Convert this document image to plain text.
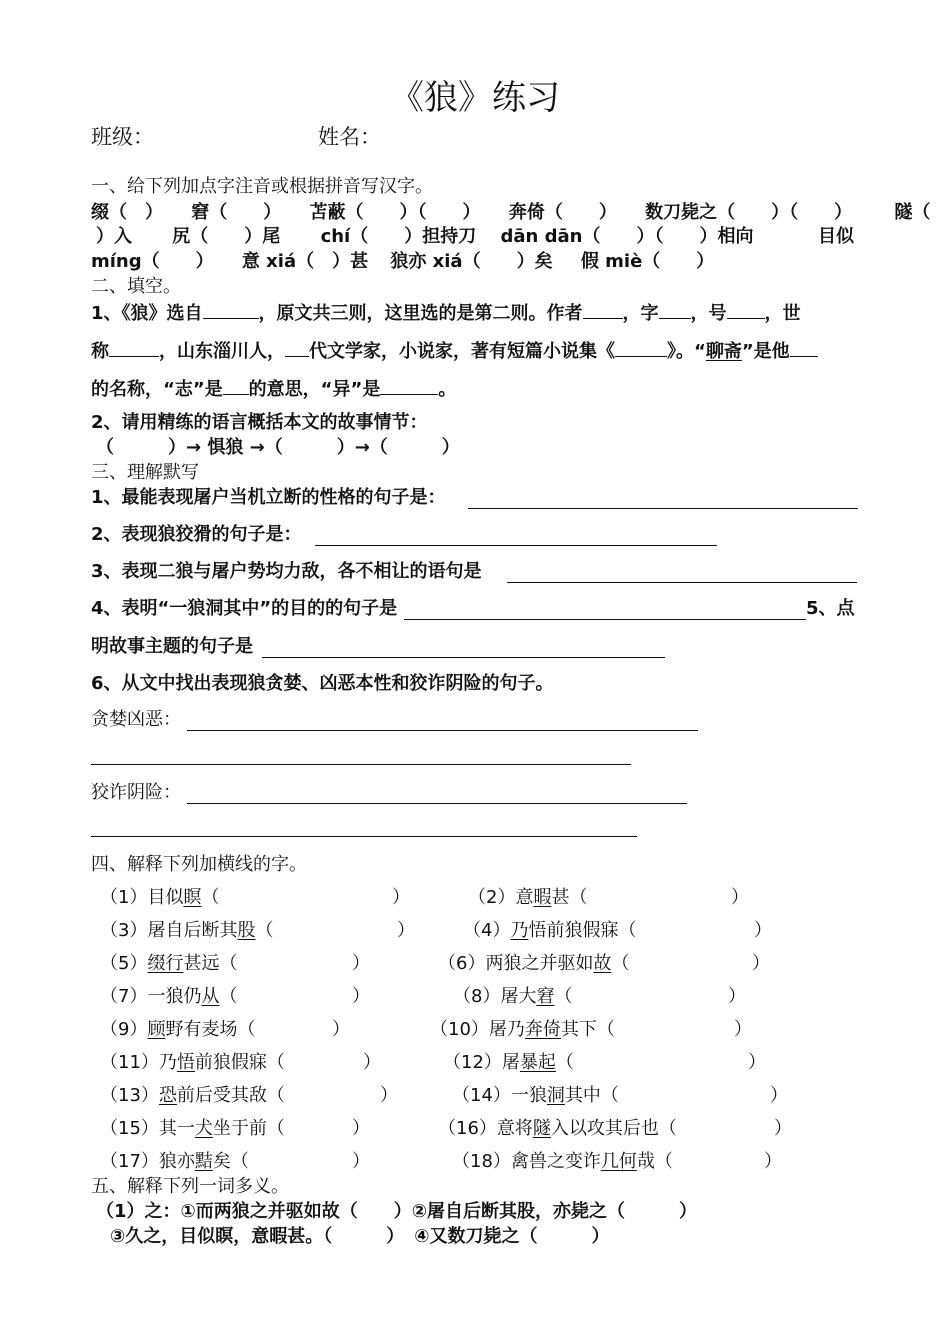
《狼》练习
班级：	姓名：
一、给下列加点字注音或根据拼音写汉字。
缀（　） 窘（　　） 苫蔽（　　）（　　） 奔倚（　　） 数刀毙之（　　）（　　） 隧（
）入 尻（　　）尾 chí（　　）担持刀 dān dān（　　）（　　）相向	目似
míng（　　） 意 xiá（　）甚 狼亦 xiá（　　）矣 假 miè（　　）
二、填空。
1、《狼》选自	，原文共三则，这里选的是第二则。作者 ，字 ，号 ，世
称	，山东淄川人， 代文学家，小说家，著有短篇小说集《	》。“聊斋”是他
的名称，“志”是 的意思，“异”是	。
2、请用精练的语言概括本文的故事情节：
（　　　）→ 惧狼 →（　　　）→（　　　）
三、理解默写
1、最能表现屠户当机立断的性格的句子是：
2、表现狼狡猾的句子是：
3、表现二狼与屠户势均力敌，各不相让的语句是
4、表明“一狼洞其中”的目的的句子是	5、点
明故事主题的句子是
6、从文中找出表现狼贪婪、凶恶本性和狡诈阴险的句子。
贪婪凶恶：
狡诈阴险：
四、解释下列加横线的字。
（1）目似瞑（	）	（2）意暇甚（	）
（3）屠自后断其股（	）	（4）乃悟前狼假寐（	）
（5）缀行甚远（	）	（6）两狼之并驱如故（	）
（7）一狼仍从（	）	（8）屠大窘（	）
（9）顾野有麦场（	）	（10）屠乃奔倚其下（	）
（11）乃悟前狼假寐（	）	（12）屠暴起（	）
（13）恐前后受其敌（	）	（14）一狼洞其中（	）
（15）其一犬坐于前（	）	（16）意将隧入以攻其后也（	）
（17）狼亦黠矣（	）	（18）禽兽之变诈几何哉（	）
五、解释下列一词多义。
（1）之：①而两狼之并驱如故（　　）②屠自后断其股，亦毙之（　　　）
③久之，目似瞑，意暇甚。（　　　） ④又数刀毙之（　　　）
